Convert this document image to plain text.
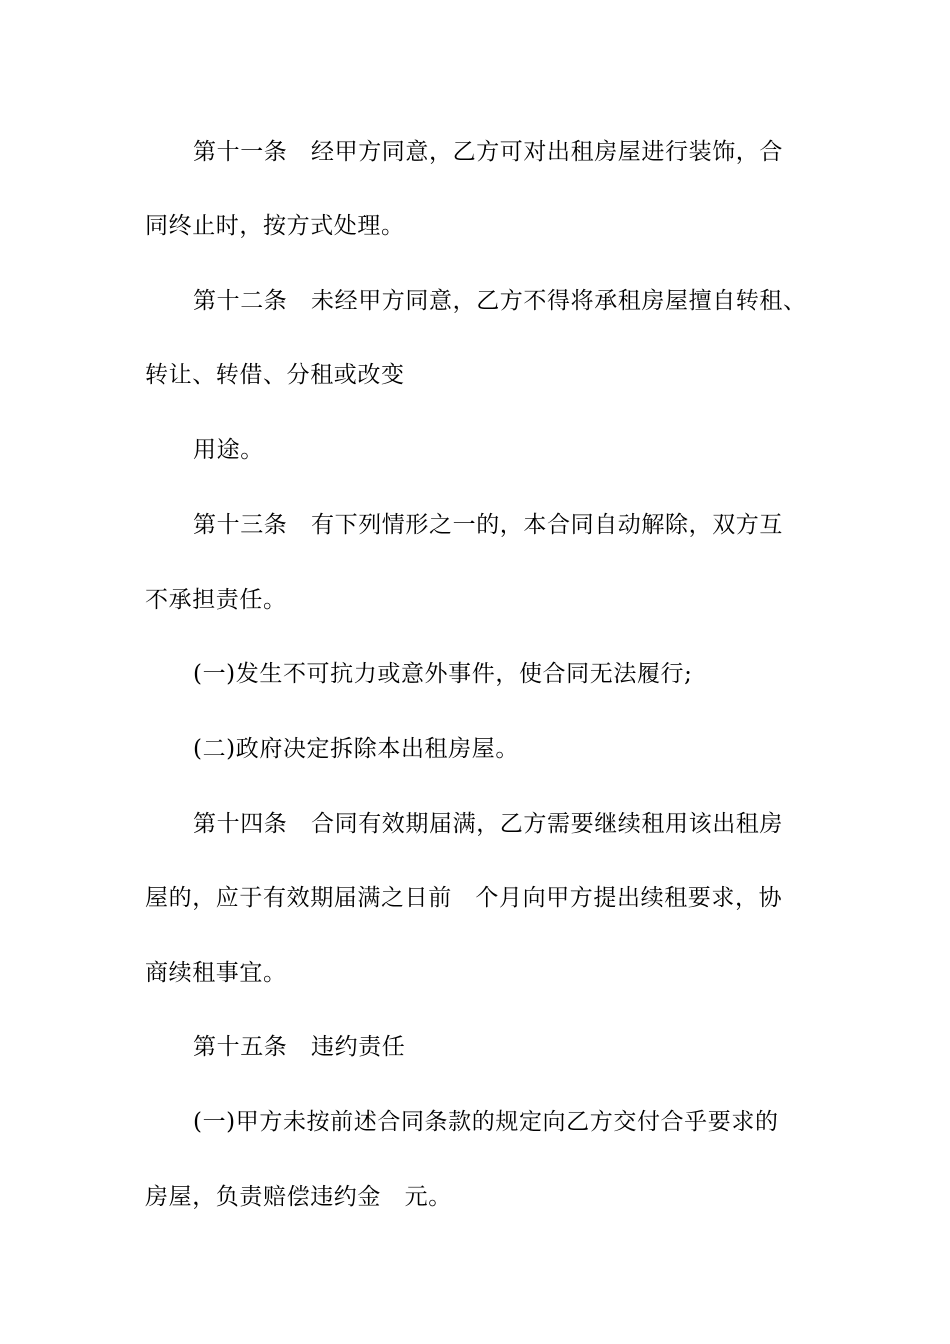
第十一条　经甲方同意，乙方可对出租房屋进行装饰，合
同终止时，按方式处理。
第十二条　未经甲方同意，乙方不得将承租房屋擅自转租、
转让、转借、分租或改变
用途。
第十三条　有下列情形之一的，本合同自动解除，双方互
不承担责任。
(一)发生不可抗力或意外事件，使合同无法履行;
(二)政府决定拆除本出租房屋。
第十四条　合同有效期届满，乙方需要继续租用该出租房
屋的，应于有效期届满之日前　个月向甲方提出续租要求，协
商续租事宜。
第十五条　违约责任
(一)甲方未按前述合同条款的规定向乙方交付合乎要求的
房屋，负责赔偿违约金　元。
